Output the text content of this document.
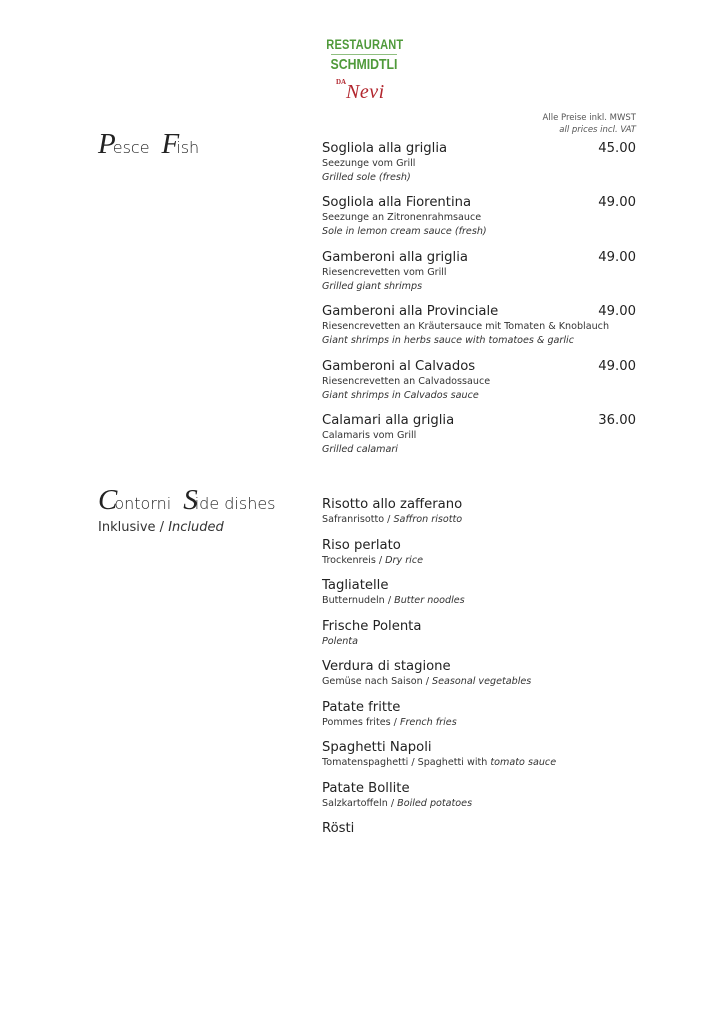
RESTAURANT
SCHMIDTLI
DA Nevi
Alle Preise inkl. MWST
all prices incl. VAT
Pesce Fish	Sogliola alla griglia	45.00
Seezunge vom Grill
Grilled sole (fresh)
Sogliola alla Fiorentina	49.00
Seezunge an Zitronenrahmsauce
Sole in lemon cream sauce (fresh)
Gamberoni alla griglia	49.00
Riesencrevetten vom Grill
Grilled giant shrimps
Gamberoni alla Provinciale	49.00
Riesencrevetten an Kräutersauce mit Tomaten & Knoblauch
Giant shrimps in herbs sauce with tomatoes & garlic
Gamberoni al Calvados	49.00
Riesencrevetten an Calvadossauce
Giant shrimps in Calvados sauce
Calamari alla griglia	36.00
Calamaris vom Grill
Grilled calamari
Contorni Side dishes
Inklusive / Included
Risotto allo zafferano
Safranrisotto / Saffron risotto
Riso perlato
Trockenreis / Dry rice
Tagliatelle
Butternudeln / Butter noodles
Frische Polenta
Polenta
Verdura di stagione
Gemüse nach Saison / Seasonal vegetables
Patate fritte
Pommes frites / French fries
Spaghetti Napoli
Tomatenspaghetti / Spaghetti with tomato sauce
Patate Bollite
Salzkartoffeln / Boiled potatoes
Rösti
